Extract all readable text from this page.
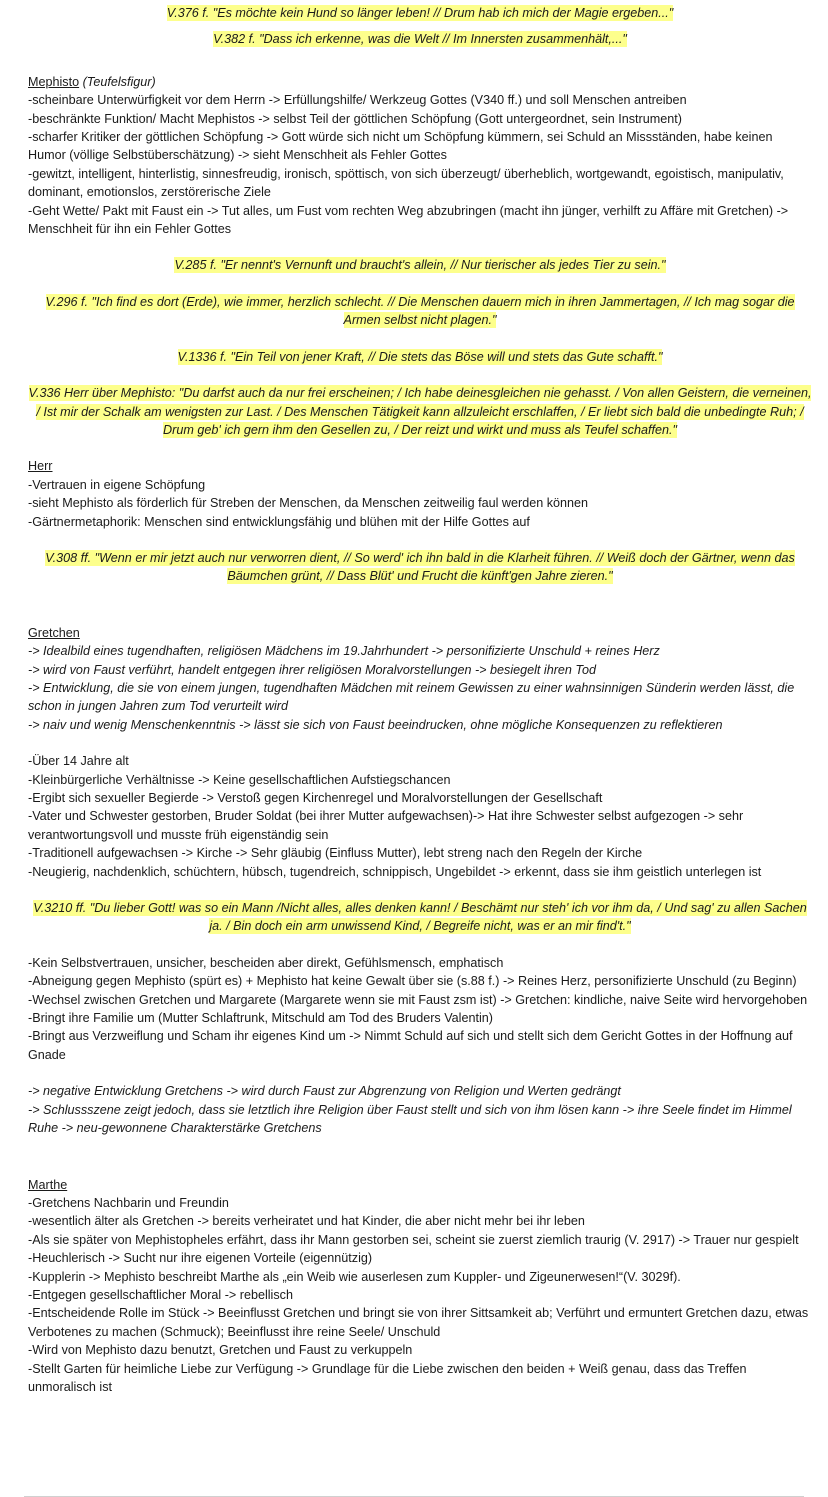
V.376 f. "Es möchte kein Hund so länger leben! // Drum hab ich mich der Magie ergeben..."

V.382 f. "Dass ich erkenne, was die Welt // Im Innersten zusammenhält,..."

Mephisto (Teufelsfigur)

-scheinbare Unterwürfigkeit vor dem Herrn -> Erfüllungshilfe/ Werkzeug Gottes (V340 ff.) und soll Menschen antreiben

-beschränkte Funktion/ Macht Mephistos -> selbst Teil der göttlichen Schöpfung (Gott untergeordnet, sein Instrument)

-scharfer Kritiker der göttlichen Schöpfung -> Gott würde sich nicht um Schöpfung kümmern, sei Schuld an Missständen, habe keinen Humor (völlige Selbstüberschätzung) -> sieht Menschheit als Fehler Gottes

-gewitzt, intelligent, hinterlistig, sinnesfreudig, ironisch, spöttisch, von sich überzeugt/ überheblich, wortgewandt, egoistisch, manipulativ, dominant, emotionslos, zerstörerische Ziele

-Geht Wette/ Pakt mit Faust ein -> Tut alles, um Fust vom rechten Weg abzubringen (macht ihn jünger, verhilft zu Affäre mit Gretchen) -> Menschheit für ihn ein Fehler Gottes

V.285 f. "Er nennt's Vernunft und braucht's allein, // Nur tierischer als jedes Tier zu sein."

V.296 f. "Ich find es dort (Erde), wie immer, herzlich schlecht. // Die Menschen dauern mich in ihren Jammertagen, // Ich mag sogar die Armen selbst nicht plagen."

V.1336 f. "Ein Teil von jener Kraft, // Die stets das Böse will und stets das Gute schafft."

V.336 Herr über Mephisto: "Du darfst auch da nur frei erscheinen; / Ich habe deinesgleichen nie gehasst. / Von allen Geistern, die verneinen, / Ist mir der Schalk am wenigsten zur Last. / Des Menschen Tätigkeit kann allzuleicht erschlaffen, / Er liebt sich bald die unbedingte Ruh; / Drum geb' ich gern ihm den Gesellen zu, / Der reizt und wirkt und muss als Teufel schaffen."

Herr

-Vertrauen in eigene Schöpfung

-sieht Mephisto als förderlich für Streben der Menschen, da Menschen zeitweilig faul werden können

-Gärtnermetaphorik: Menschen sind entwicklungsfähig und blühen mit der Hilfe Gottes auf

V.308 ff. "Wenn er mir jetzt auch nur verworren dient, // So werd' ich ihn bald in die Klarheit führen. // Weiß doch der Gärtner, wenn das Bäumchen grünt, // Dass Blüt' und Frucht die künft'gen Jahre zieren."

Gretchen

-> Idealbild eines tugendhaften, religiösen Mädchens im 19.Jahrhundert -> personifizierte Unschuld + reines Herz

-> wird von Faust verführt, handelt entgegen ihrer religiösen Moralvorstellungen -> besiegelt ihren Tod

-> Entwicklung, die sie von einem jungen, tugendhaften Mädchen mit reinem Gewissen zu einer wahnsinnigen Sünderin werden lässt, die schon in jungen Jahren zum Tod verurteilt wird

-> naiv und wenig Menschenkenntnis -> lässt sie sich von Faust beeindrucken, ohne mögliche Konsequenzen zu reflektieren

-Über 14 Jahre alt

-Kleinbürgerliche Verhältnisse -> Keine gesellschaftlichen Aufstiegschancen

-Ergibt sich sexueller Begierde -> Verstoß gegen Kirchenregel und Moralvorstellungen der Gesellschaft

-Vater und Schwester gestorben, Bruder Soldat (bei ihrer Mutter aufgewachsen)-> Hat ihre Schwester selbst aufgezogen -> sehr verantwortungsvoll und musste früh eigenständig sein

-Traditionell aufgewachsen -> Kirche -> Sehr gläubig (Einfluss Mutter), lebt streng nach den Regeln der Kirche

-Neugierig, nachdenklich, schüchtern, hübsch, tugendreich, schnippisch, Ungebildet -> erkennt, dass sie ihm geistlich unterlegen ist

V.3210 ff. "Du lieber Gott! was so ein Mann /Nicht alles, alles denken kann! / Beschämt nur steh' ich vor ihm da, / Und sag' zu allen Sachen ja. / Bin doch ein arm unwissend Kind, / Begreife nicht, was er an mir find't."

-Kein Selbstvertrauen, unsicher, bescheiden aber direkt, Gefühlsmensch, emphatisch

-Abneigung gegen Mephisto (spürt es) + Mephisto hat keine Gewalt über sie (s.88 f.) -> Reines Herz, personifizierte Unschuld (zu Beginn)

-Wechsel zwischen Gretchen und Margarete (Margarete wenn sie mit Faust zsm ist) -> Gretchen: kindliche, naive Seite wird hervorgehoben

-Bringt ihre Familie um (Mutter Schlaftrunk, Mitschuld am Tod des Bruders Valentin)

-Bringt aus Verzweiflung und Scham ihr eigenes Kind um -> Nimmt Schuld auf sich und stellt sich dem Gericht Gottes in der Hoffnung auf Gnade

-> negative Entwicklung Gretchens -> wird durch Faust zur Abgrenzung von Religion und Werten gedrängt

-> Schlussszene zeigt jedoch, dass sie letztlich ihre Religion über Faust stellt und sich von ihm lösen kann -> ihre Seele findet im Himmel Ruhe -> neu-gewonnene Charakterstärke Gretchens

Marthe

-Gretchens Nachbarin und Freundin

-wesentlich älter als Gretchen -> bereits verheiratet und hat Kinder, die aber nicht mehr bei ihr leben

-Als sie später von Mephistopheles erfährt, dass ihr Mann gestorben sei, scheint sie zuerst ziemlich traurig (V. 2917) -> Trauer nur gespielt

-Heuchlerisch -> Sucht nur ihre eigenen Vorteile (eigennützig)

-Kupplerin -> Mephisto beschreibt Marthe als „ein Weib wie auserlesen zum Kuppler- und Zigeunerwesen!“(V. 3029f).

-Entgegen gesellschaftlicher Moral -> rebellisch

-Entscheidende Rolle im Stück -> Beeinflusst Gretchen und bringt sie von ihrer Sittsamkeit ab; Verführt und ermuntert Gretchen dazu, etwas Verbotenes zu machen (Schmuck); Beeinflusst ihre reine Seele/ Unschuld

-Wird von Mephisto dazu benutzt, Gretchen und Faust zu verkuppeln

-Stellt Garten für heimliche Liebe zur Verfügung -> Grundlage für die Liebe zwischen den beiden + Weiß genau, dass das Treffen unmoralisch ist
